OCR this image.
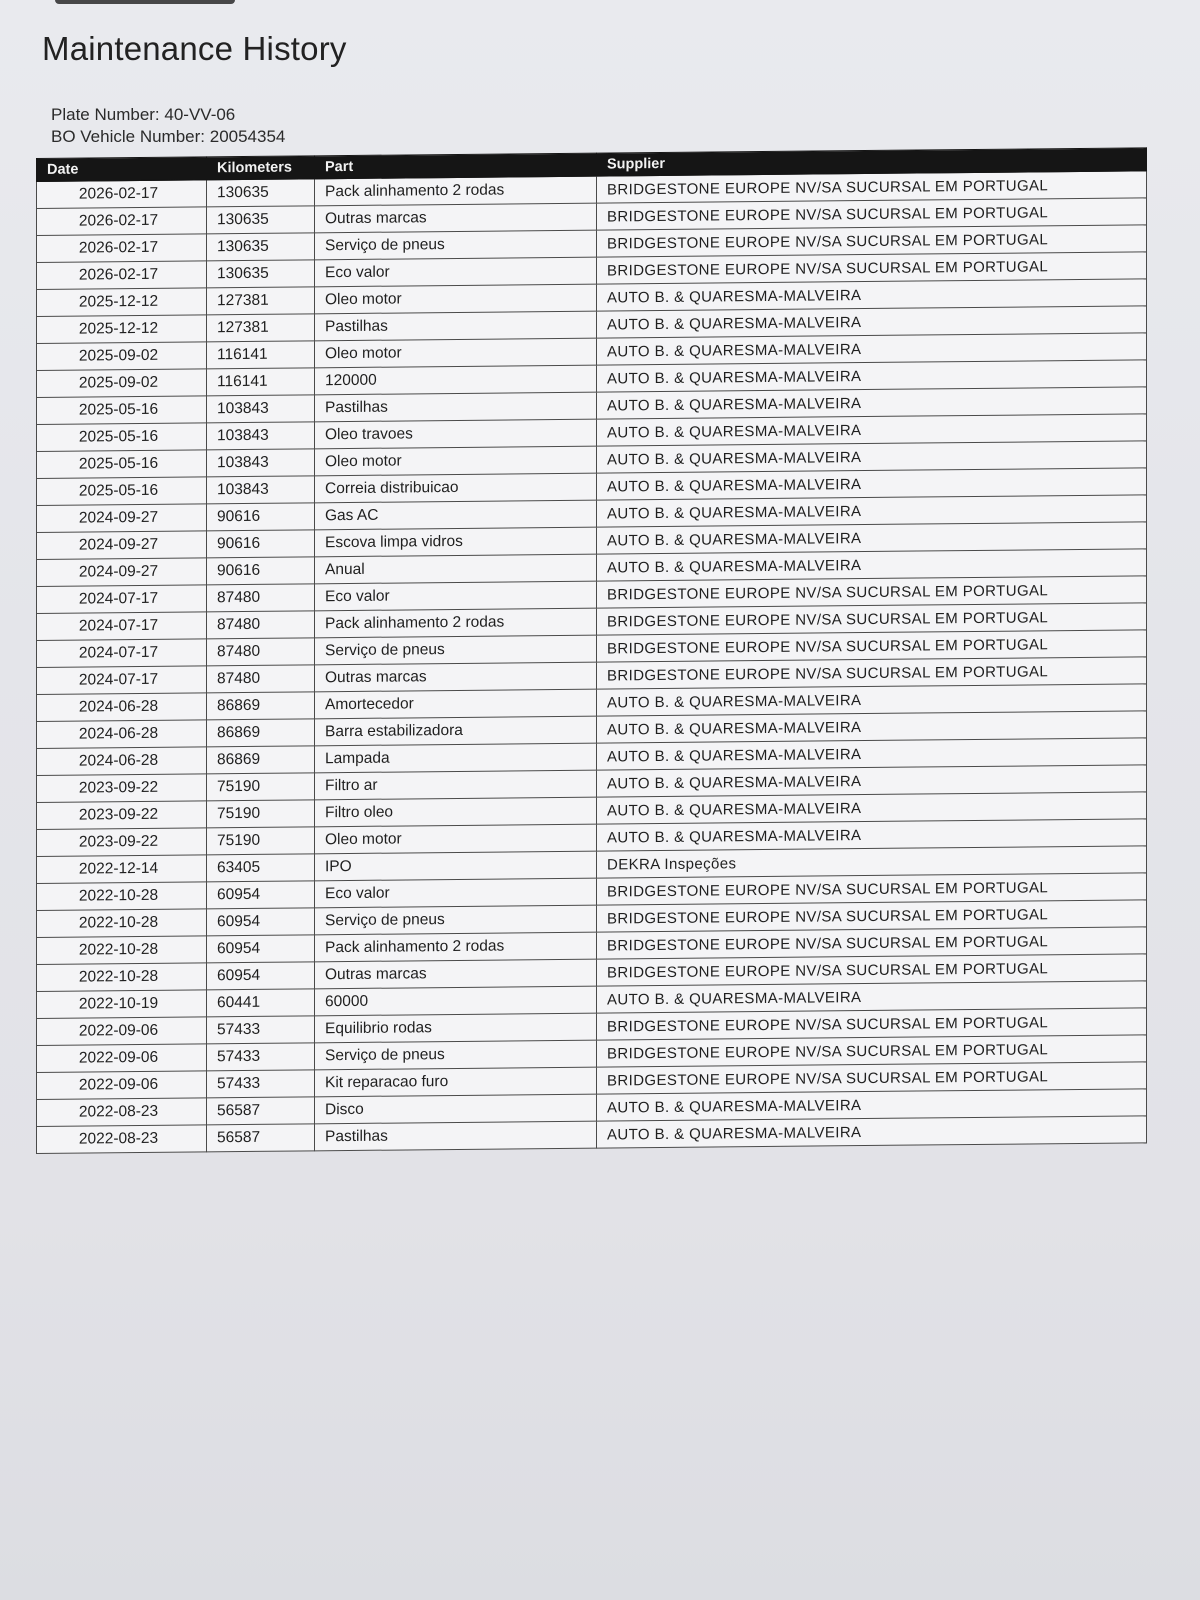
Maintenance History
Plate Number: 40-VV-06
BO Vehicle Number: 20054354
Date	Kilometers	Part	Supplier
2026-02-17	130635	Pack alinhamento 2 rodas	BRIDGESTONE EUROPE NV/SA SUCURSAL EM PORTUGAL
2026-02-17	130635	Outras marcas	BRIDGESTONE EUROPE NV/SA SUCURSAL EM PORTUGAL
2026-02-17	130635	Serviço de pneus	BRIDGESTONE EUROPE NV/SA SUCURSAL EM PORTUGAL
2026-02-17	130635	Eco valor	BRIDGESTONE EUROPE NV/SA SUCURSAL EM PORTUGAL
2025-12-12	127381	Oleo motor	AUTO B. & QUARESMA-MALVEIRA
2025-12-12	127381	Pastilhas	AUTO B. & QUARESMA-MALVEIRA
2025-09-02	116141	Oleo motor	AUTO B. & QUARESMA-MALVEIRA
2025-09-02	116141	120000	AUTO B. & QUARESMA-MALVEIRA
2025-05-16	103843	Pastilhas	AUTO B. & QUARESMA-MALVEIRA
2025-05-16	103843	Oleo travoes	AUTO B. & QUARESMA-MALVEIRA
2025-05-16	103843	Oleo motor	AUTO B. & QUARESMA-MALVEIRA
2025-05-16	103843	Correia distribuicao	AUTO B. & QUARESMA-MALVEIRA
2024-09-27	90616	Gas AC	AUTO B. & QUARESMA-MALVEIRA
2024-09-27	90616	Escova limpa vidros	AUTO B. & QUARESMA-MALVEIRA
2024-09-27	90616	Anual	AUTO B. & QUARESMA-MALVEIRA
2024-07-17	87480	Eco valor	BRIDGESTONE EUROPE NV/SA SUCURSAL EM PORTUGAL
2024-07-17	87480	Pack alinhamento 2 rodas	BRIDGESTONE EUROPE NV/SA SUCURSAL EM PORTUGAL
2024-07-17	87480	Serviço de pneus	BRIDGESTONE EUROPE NV/SA SUCURSAL EM PORTUGAL
2024-07-17	87480	Outras marcas	BRIDGESTONE EUROPE NV/SA SUCURSAL EM PORTUGAL
2024-06-28	86869	Amortecedor	AUTO B. & QUARESMA-MALVEIRA
2024-06-28	86869	Barra estabilizadora	AUTO B. & QUARESMA-MALVEIRA
2024-06-28	86869	Lampada	AUTO B. & QUARESMA-MALVEIRA
2023-09-22	75190	Filtro ar	AUTO B. & QUARESMA-MALVEIRA
2023-09-22	75190	Filtro oleo	AUTO B. & QUARESMA-MALVEIRA
2023-09-22	75190	Oleo motor	AUTO B. & QUARESMA-MALVEIRA
2022-12-14	63405	IPO	DEKRA Inspeções
2022-10-28	60954	Eco valor	BRIDGESTONE EUROPE NV/SA SUCURSAL EM PORTUGAL
2022-10-28	60954	Serviço de pneus	BRIDGESTONE EUROPE NV/SA SUCURSAL EM PORTUGAL
2022-10-28	60954	Pack alinhamento 2 rodas	BRIDGESTONE EUROPE NV/SA SUCURSAL EM PORTUGAL
2022-10-28	60954	Outras marcas	BRIDGESTONE EUROPE NV/SA SUCURSAL EM PORTUGAL
2022-10-19	60441	60000	AUTO B. & QUARESMA-MALVEIRA
2022-09-06	57433	Equilibrio rodas	BRIDGESTONE EUROPE NV/SA SUCURSAL EM PORTUGAL
2022-09-06	57433	Serviço de pneus	BRIDGESTONE EUROPE NV/SA SUCURSAL EM PORTUGAL
2022-09-06	57433	Kit reparacao furo	BRIDGESTONE EUROPE NV/SA SUCURSAL EM PORTUGAL
2022-08-23	56587	Disco	AUTO B. & QUARESMA-MALVEIRA
2022-08-23	56587	Pastilhas	AUTO B. & QUARESMA-MALVEIRA
